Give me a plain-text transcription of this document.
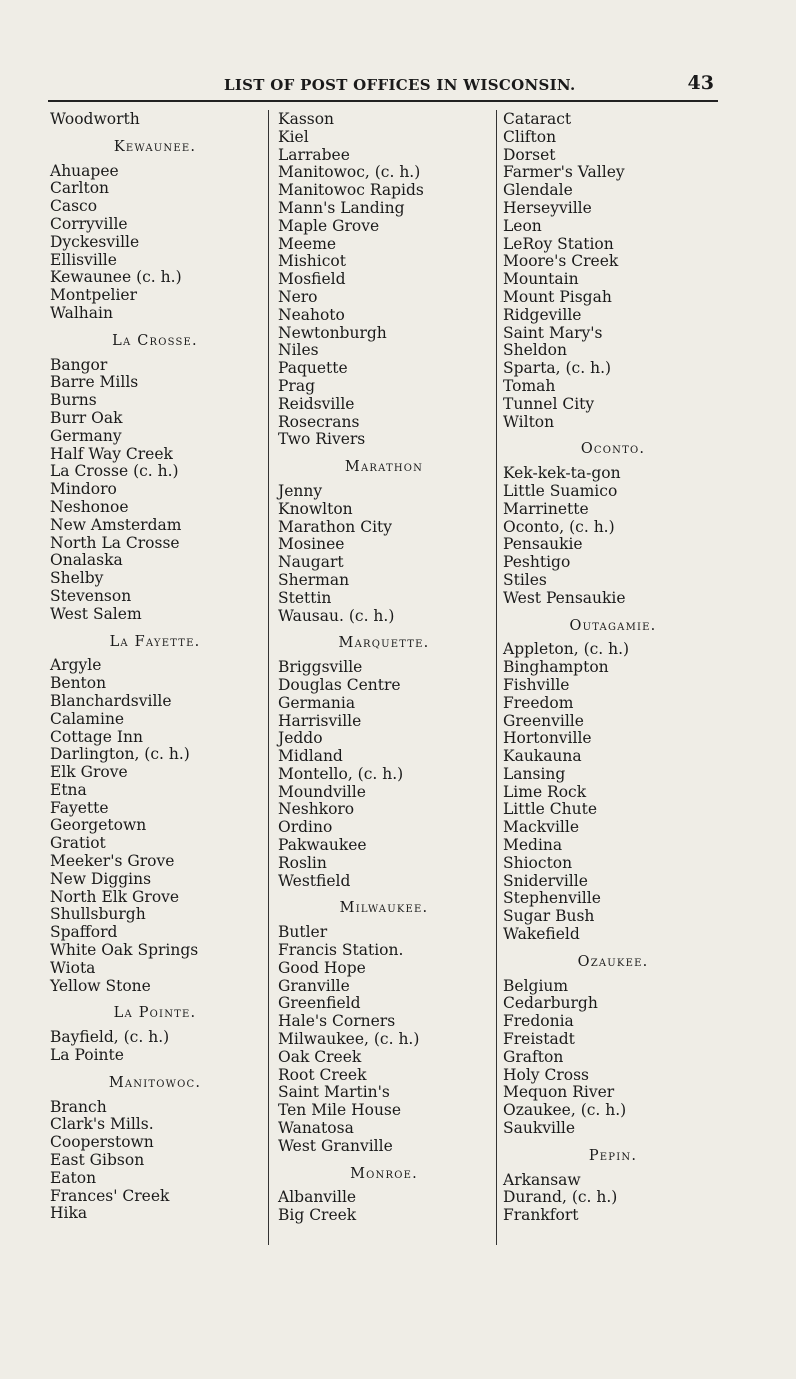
LIST OF POST OFFICES IN WISCONSIN.	43
Woodworth
Kewaunee.
Ahuapee
Carlton
Casco
Corryville
Dyckesville
Ellisville
Kewaunee (c. h.)
Montpelier
Walhain
La Crosse.
Bangor
Barre Mills
Burns
Burr Oak
Germany
Half Way Creek
La Crosse (c. h.)
Mindoro
Neshonoe
New Amsterdam
North La Crosse
Onalaska
Shelby
Stevenson
West Salem
La Fayette.
Argyle
Benton
Blanchardsville
Calamine
Cottage Inn
Darlington, (c. h.)
Elk Grove
Etna
Fayette
Georgetown
Gratiot
Meeker's Grove
New Diggins
North Elk Grove
Shullsburgh
Spafford
White Oak Springs
Wiota
Yellow Stone
La Pointe.
Bayfield, (c. h.)
La Pointe
Manitowoc.
Branch
Clark's Mills.
Cooperstown
East Gibson
Eaton
Frances' Creek
Hika
Kasson
Kiel
Larrabee
Manitowoc, (c. h.)
Manitowoc Rapids
Mann's Landing
Maple Grove
Meeme
Mishicot
Mosfield
Nero
Neahoto
Newtonburgh
Niles
Paquette
Prag
Reidsville
Rosecrans
Two Rivers
Marathon
Jenny
Knowlton
Marathon City
Mosinee
Naugart
Sherman
Stettin
Wausau. (c. h.)
Marquette.
Briggsville
Douglas Centre
Germania
Harrisville
Jeddo
Midland
Montello, (c. h.)
Moundville
Neshkoro
Ordino
Pakwaukee
Roslin
Westfield
Milwaukee.
Butler
Francis Station.
Good Hope
Granville
Greenfield
Hale's Corners
Milwaukee, (c. h.)
Oak Creek
Root Creek
Saint Martin's
Ten Mile House
Wanatosa
West Granville
Monroe.
Albanville
Big Creek
Cataract
Clifton
Dorset
Farmer's Valley
Glendale
Herseyville
Leon
LeRoy Station
Moore's Creek
Mountain
Mount Pisgah
Ridgeville
Saint Mary's
Sheldon
Sparta, (c. h.)
Tomah
Tunnel City
Wilton
Oconto.
Kek-kek-ta-gon
Little Suamico
Marrinette
Oconto, (c. h.)
Pensaukie
Peshtigo
Stiles
West Pensaukie
Outagamie.
Appleton, (c. h.)
Binghampton
Fishville
Freedom
Greenville
Hortonville
Kaukauna
Lansing
Lime Rock
Little Chute
Mackville
Medina
Shiocton
Sniderville
Stephenville
Sugar Bush
Wakefield
Ozaukee.
Belgium
Cedarburgh
Fredonia
Freistadt
Grafton
Holy Cross
Mequon River
Ozaukee, (c. h.)
Saukville
Pepin.
Arkansaw
Durand, (c. h.)
Frankfort
